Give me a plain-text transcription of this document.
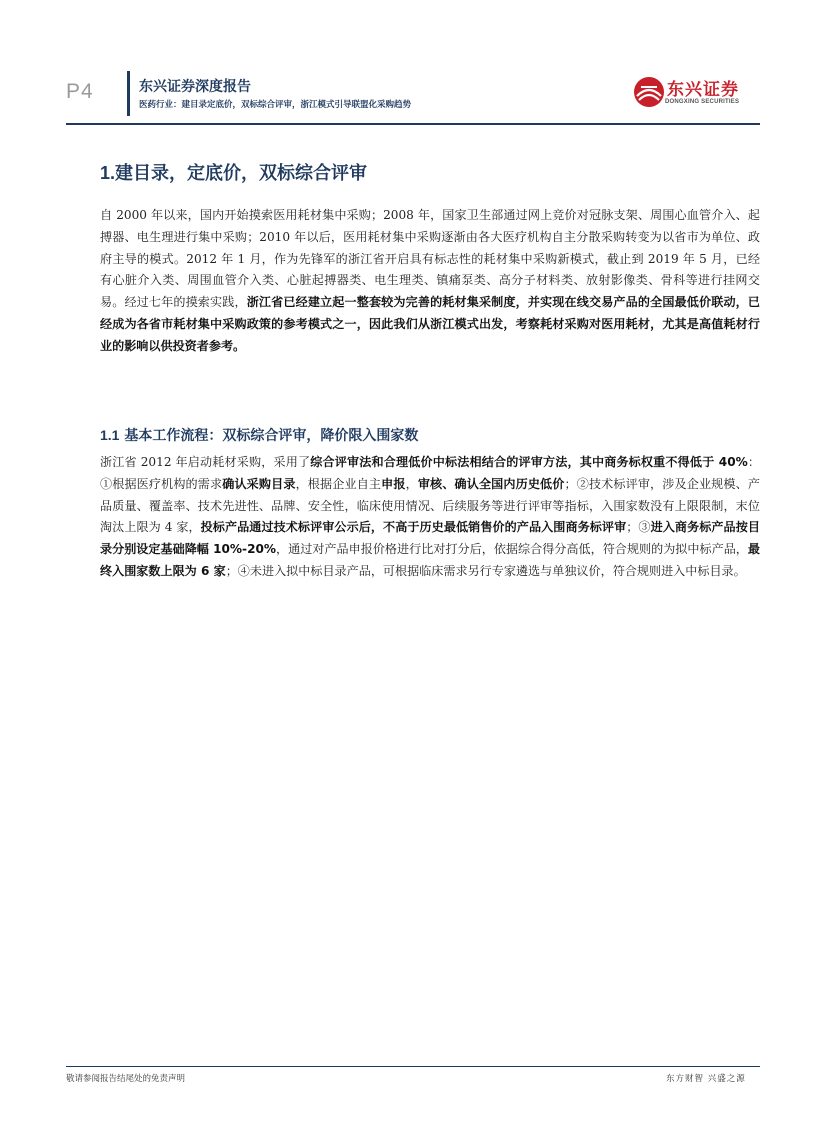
P4	东兴证券深度报告
医药行业：建目录定底价，双标综合评审，浙江模式引导联盟化采购趋势
东兴证券
DONGXING SECURITIES
1.建目录，定底价，双标综合评审
自 2000 年以来，国内开始摸索医用耗材集中采购；2008 年，国家卫生部通过网上竞价对冠脉支架、周围心血管介入、起搏器、电生理进行集中采购；2010 年以后，医用耗材集中采购逐渐由各大医疗机构自主分散采购转变为以省市为单位、政府主导的模式。2012 年 1 月，作为先锋军的浙江省开启具有标志性的耗材集中采购新模式，截止到 2019 年 5 月，已经有心脏介入类、周围血管介入类、心脏起搏器类、电生理类、镇痛泵类、高分子材料类、放射影像类、骨科等进行挂网交易。经过七年的摸索实践，浙江省已经建立起一整套较为完善的耗材集采制度，并实现在线交易产品的全国最低价联动，已经成为各省市耗材集中采购政策的参考模式之一，因此我们从浙江模式出发，考察耗材采购对医用耗材，尤其是高值耗材行业的影响以供投资者参考。
1.1 基本工作流程：双标综合评审，降价限入围家数
浙江省 2012 年启动耗材采购，采用了综合评审法和合理低价中标法相结合的评审方法，其中商务标权重不得低于 40%：①根据医疗机构的需求确认采购目录，根据企业自主申报，审核、确认全国内历史低价；②技术标评审，涉及企业规模、产品质量、覆盖率、技术先进性、品牌、安全性，临床使用情况、后续服务等进行评审等指标，入围家数没有上限限制，末位淘汰上限为 4 家，投标产品通过技术标评审公示后，不高于历史最低销售价的产品入围商务标评审；③进入商务标产品按目录分别设定基础降幅 10%-20%，通过对产品申报价格进行比对打分后，依据综合得分高低，符合规则的为拟中标产品，最终入围家数上限为 6 家；④未进入拟中标目录产品，可根据临床需求另行专家遴选与单独议价，符合规则进入中标目录。
敬请参阅报告结尾处的免责声明	东方财智 兴盛之源
